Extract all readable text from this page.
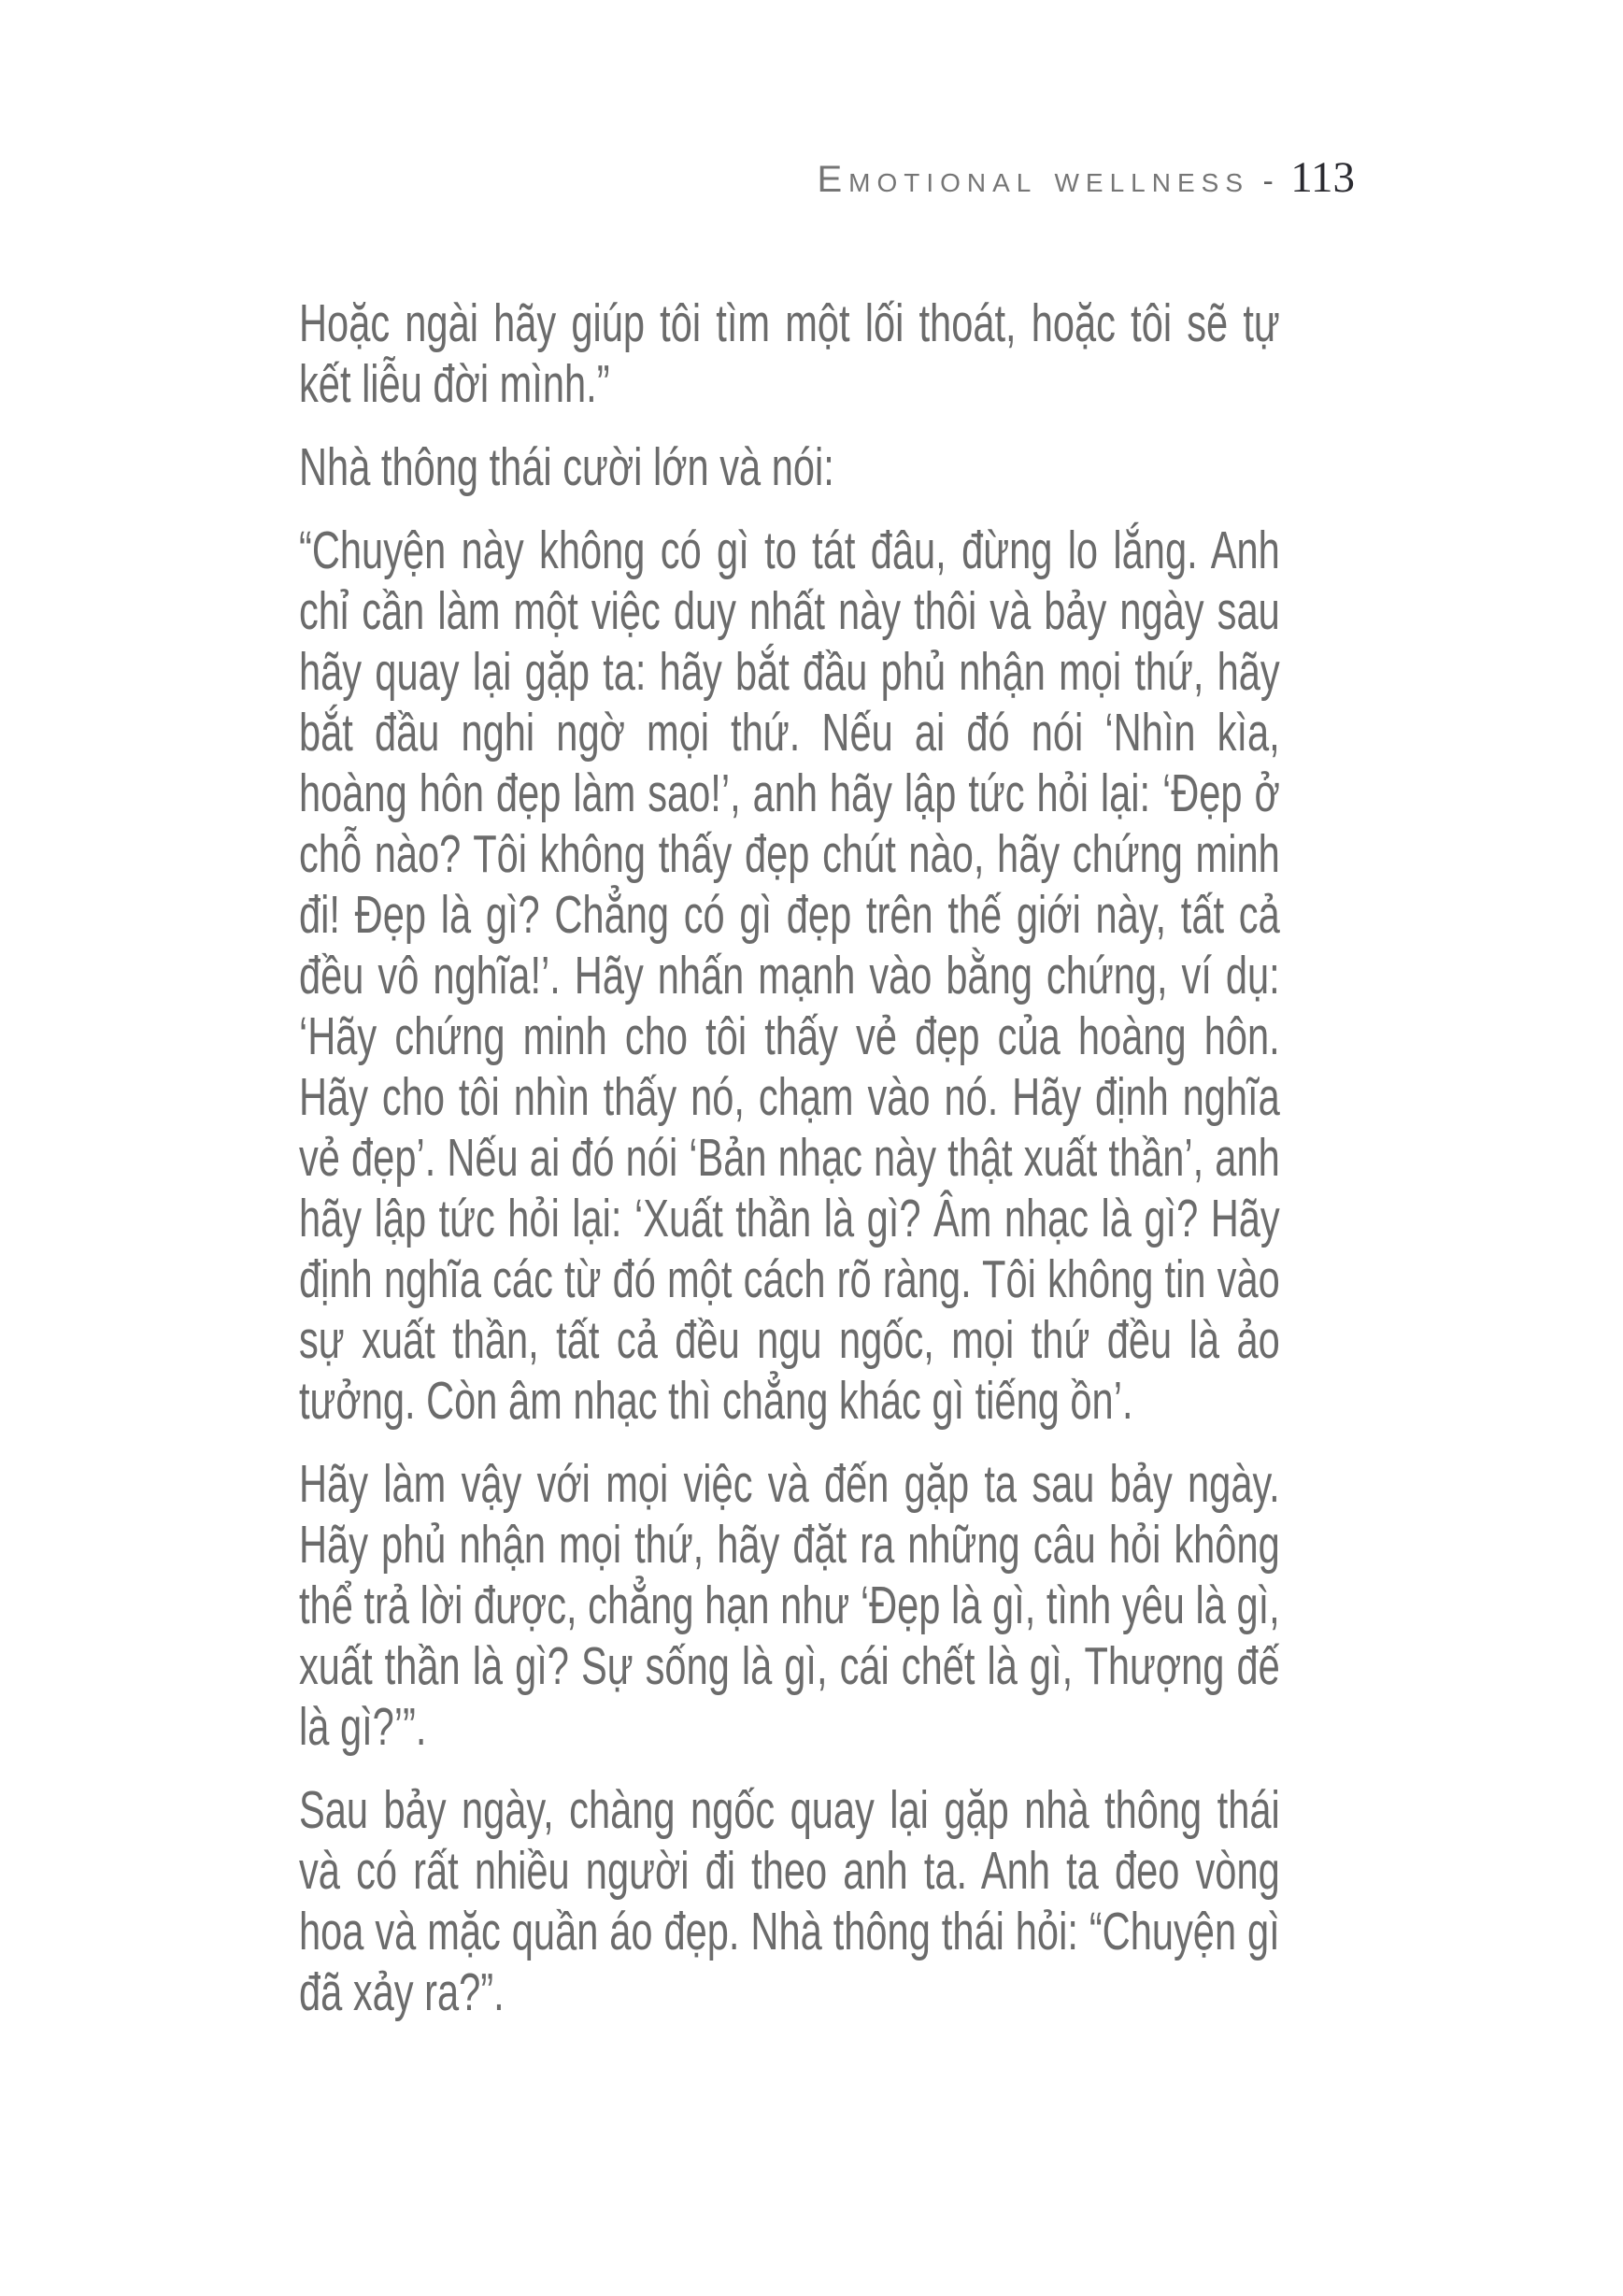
Emotional wellness - 113

Hoặc ngài hãy giúp tôi tìm một lối thoát, hoặc tôi sẽ tự kết liễu đời mình.”

Nhà thông thái cười lớn và nói:

“Chuyện này không có gì to tát đâu, đừng lo lắng. Anh chỉ cần làm một việc duy nhất này thôi và bảy ngày sau hãy quay lại gặp ta: hãy bắt đầu phủ nhận mọi thứ, hãy bắt đầu nghi ngờ mọi thứ. Nếu ai đó nói ‘Nhìn kìa, hoàng hôn đẹp làm sao!’, anh hãy lập tức hỏi lại: ‘Đẹp ở chỗ nào? Tôi không thấy đẹp chút nào, hãy chứng minh đi! Đẹp là gì? Chẳng có gì đẹp trên thế giới này, tất cả đều vô nghĩa!’. Hãy nhấn mạnh vào bằng chứng, ví dụ: ‘Hãy chứng minh cho tôi thấy vẻ đẹp của hoàng hôn. Hãy cho tôi nhìn thấy nó, chạm vào nó. Hãy định nghĩa vẻ đẹp’. Nếu ai đó nói ‘Bản nhạc này thật xuất thần’, anh hãy lập tức hỏi lại: ‘Xuất thần là gì? Âm nhạc là gì? Hãy định nghĩa các từ đó một cách rõ ràng. Tôi không tin vào sự xuất thần, tất cả đều ngu ngốc, mọi thứ đều là ảo tưởng. Còn âm nhạc thì chẳng khác gì tiếng ồn’.

Hãy làm vậy với mọi việc và đến gặp ta sau bảy ngày. Hãy phủ nhận mọi thứ, hãy đặt ra những câu hỏi không thể trả lời được, chẳng hạn như ‘Đẹp là gì, tình yêu là gì, xuất thần là gì? Sự sống là gì, cái chết là gì, Thượng đế là gì?’”.

Sau bảy ngày, chàng ngốc quay lại gặp nhà thông thái và có rất nhiều người đi theo anh ta. Anh ta đeo vòng hoa và mặc quần áo đẹp. Nhà thông thái hỏi: “Chuyện gì đã xảy ra?”.
